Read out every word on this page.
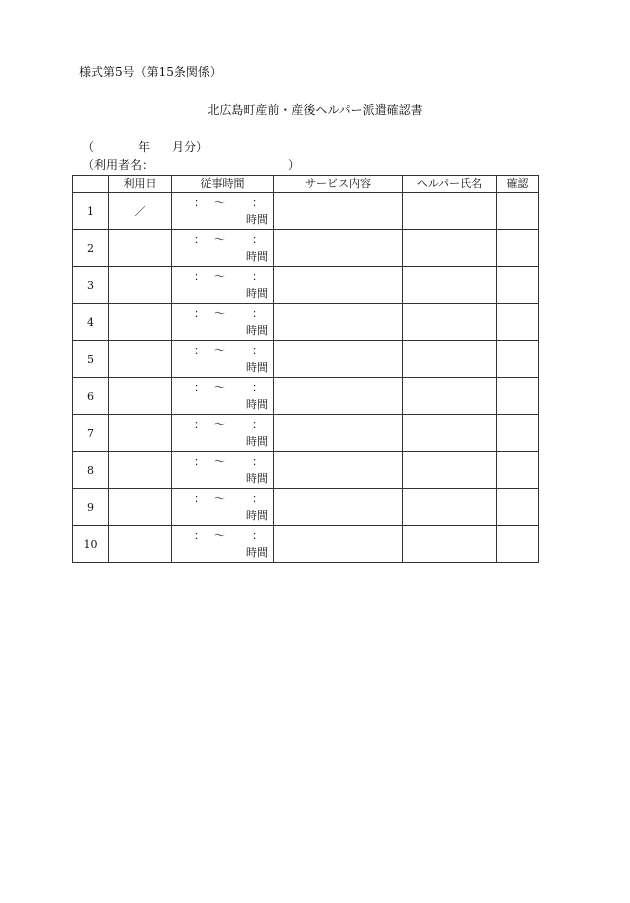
様式第5号（第15条関係）
北広島町産前・産後ヘルパー派遣確認書
（	年 月分）
（利用者名：	）
	利用日	従事時間	サービス内容	ヘルパー氏名	確認
1	／	： 〜 ：
時間			

2		： 〜 ：
時間			

3		： 〜 ：
時間			

4		： 〜 ：
時間			

5		： 〜 ：
時間			

6		： 〜 ：
時間			

7		： 〜 ：
時間			

8		： 〜 ：
時間			

9		： 〜 ：
時間			

10		： 〜 ：
時間			
